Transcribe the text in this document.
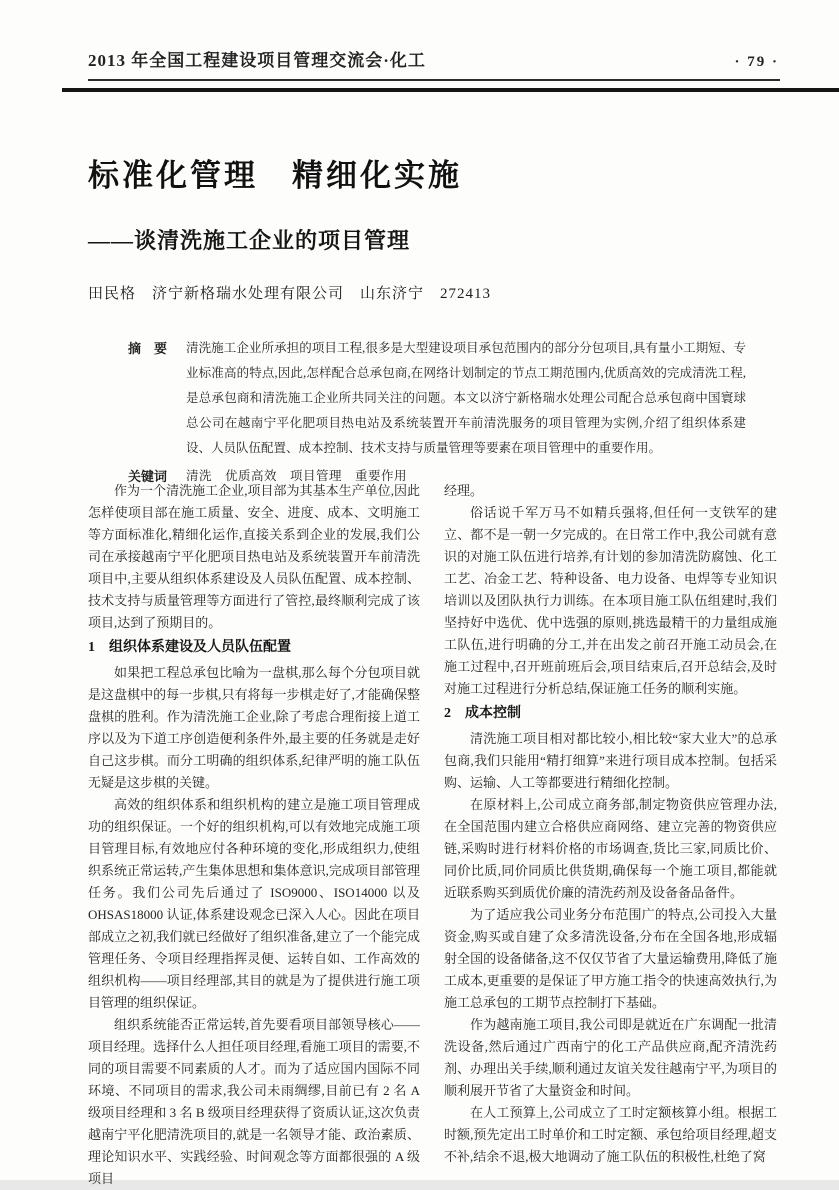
2013 年全国工程建设项目管理交流会·化工	· 79 ·
标准化管理　精细化实施
——谈清洗施工企业的项目管理
田民格　济宁新格瑞水处理有限公司　山东济宁　272413
摘　要	清洗施工企业所承担的项目工程,很多是大型建设项目承包范围内的部分分包项目,具有量小工期短、专业标准高的特点,因此,怎样配合总承包商,在网络计划制定的节点工期范围内,优质高效的完成清洗工程,是总承包商和清洗施工企业所共同关注的问题。本文以济宁新格瑞水处理公司配合总承包商中国寰球总公司在越南宁平化肥项目热电站及系统装置开车前清洗服务的项目管理为实例,介绍了组织体系建设、人员队伍配置、成本控制、技术支持与质量管理等要素在项目管理中的重要作用。
关键词	清洗　优质高效　项目管理　重要作用

作为一个清洗施工企业,项目部为其基本生产单位,因此怎样使项目部在施工质量、安全、进度、成本、文明施工等方面标准化,精细化运作,直接关系到企业的发展,我们公司在承接越南宁平化肥项目热电站及系统装置开车前清洗项目中,主要从组织体系建设及人员队伍配置、成本控制、技术支持与质量管理等方面进行了管控,最终顺利完成了该项目,达到了预期目的。

1　组织体系建设及人员队伍配置

如果把工程总承包比喻为一盘棋,那么每个分包项目就是这盘棋中的每一步棋,只有将每一步棋走好了,才能确保整盘棋的胜利。作为清洗施工企业,除了考虑合理衔接上道工序以及为下道工序创造便利条件外,最主要的任务就是走好自己这步棋。而分工明确的组织体系,纪律严明的施工队伍无疑是这步棋的关键。

高效的组织体系和组织机构的建立是施工项目管理成功的组织保证。一个好的组织机构,可以有效地完成施工项目管理目标,有效地应付各种环境的变化,形成组织力,使组织系统正常运转,产生集体思想和集体意识,完成项目部管理任务。我们公司先后通过了 ISO9000、ISO14000 以及 OHSAS18000 认证,体系建设观念已深入人心。因此在项目部成立之初,我们就已经做好了组织准备,建立了一个能完成管理任务、令项目经理指挥灵便、运转自如、工作高效的组织机构——项目经理部,其目的就是为了提供进行施工项目管理的组织保证。

组织系统能否正常运转,首先要看项目部领导核心——项目经理。选择什么人担任项目经理,看施工项目的需要,不同的项目需要不同素质的人才。而为了适应国内国际不同环境、不同项目的需求,我公司未雨绸缪,目前已有 2 名 A 级项目经理和 3 名 B 级项目经理获得了资质认证,这次负责越南宁平化肥清洗项目的,就是一名领导才能、政治素质、理论知识水平、实践经验、时间观念等方面都很强的 A 级项目

经理。

俗话说千军万马不如精兵强将,但任何一支铁军的建立、都不是一朝一夕完成的。在日常工作中,我公司就有意识的对施工队伍进行培养,有计划的参加清洗防腐蚀、化工工艺、冶金工艺、特种设备、电力设备、电焊等专业知识培训以及团队执行力训练。在本项目施工队伍组建时,我们坚持好中选优、优中选强的原则,挑选最精干的力量组成施工队伍,进行明确的分工,并在出发之前召开施工动员会,在施工过程中,召开班前班后会,项目结束后,召开总结会,及时对施工过程进行分析总结,保证施工任务的顺利实施。

2　成本控制

清洗施工项目相对都比较小,相比较“家大业大”的总承包商,我们只能用“精打细算”来进行项目成本控制。包括采购、运输、人工等都要进行精细化控制。

在原材料上,公司成立商务部,制定物资供应管理办法,在全国范围内建立合格供应商网络、建立完善的物资供应链,采购时进行材料价格的市场调查,货比三家,同质比价、同价比质,同价同质比供货期,确保每一个施工项目,都能就近联系购买到质优价廉的清洗药剂及设备备品备件。

为了适应我公司业务分布范围广的特点,公司投入大量资金,购买或自建了众多清洗设备,分布在全国各地,形成辐射全国的设备储备,这不仅仅节省了大量运输费用,降低了施工成本,更重要的是保证了甲方施工指令的快速高效执行,为施工总承包的工期节点控制打下基础。

作为越南施工项目,我公司即是就近在广东调配一批清洗设备,然后通过广西南宁的化工产品供应商,配齐清洗药剂、办理出关手续,顺利通过友谊关发往越南宁平,为项目的顺利展开节省了大量资金和时间。

在人工预算上,公司成立了工时定额核算小组。根据工时额,预先定出工时单价和工时定额、承包给项目经理,超支不补,结余不退,极大地调动了施工队伍的积极性,杜绝了窝
